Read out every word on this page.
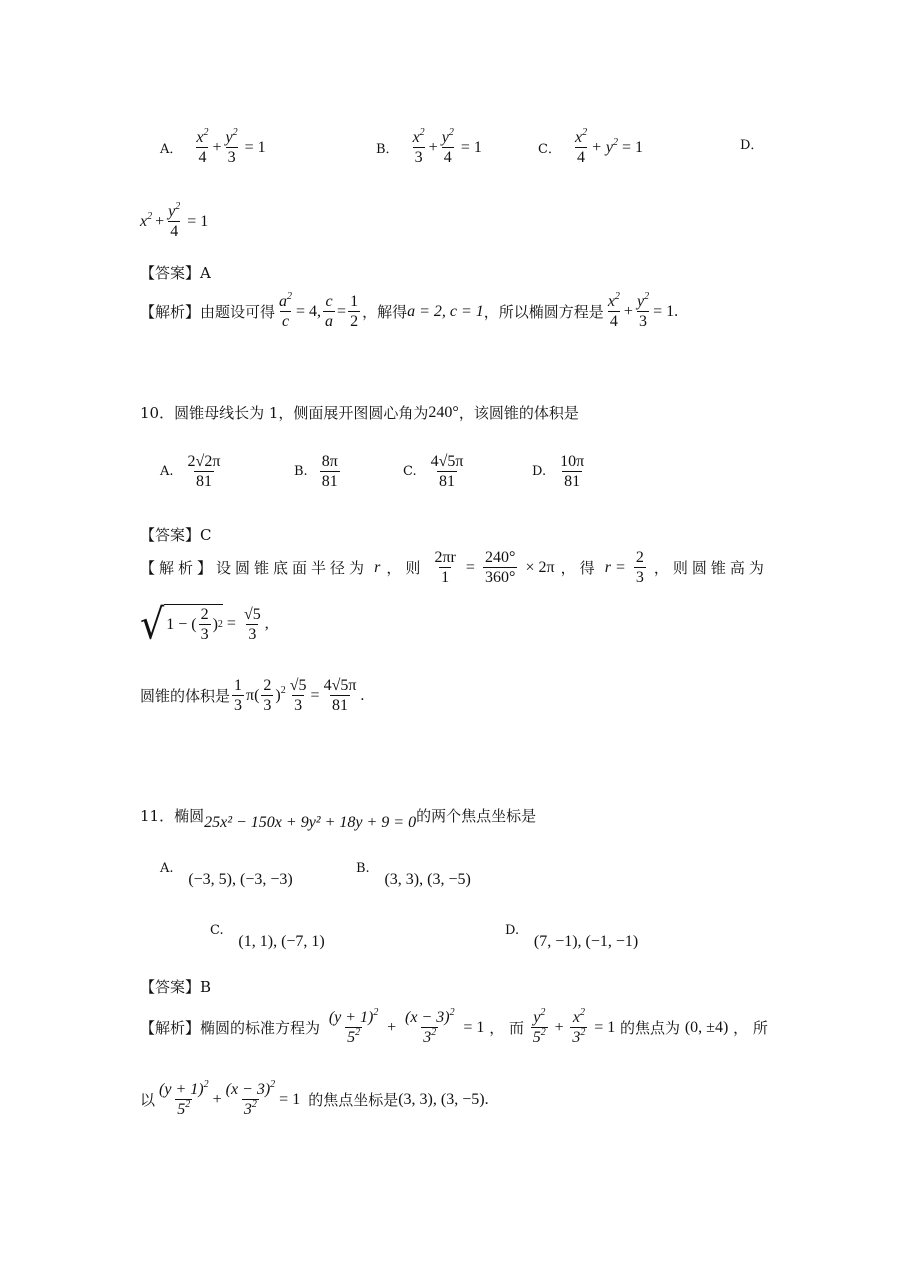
A． $\frac{x^2}{4} + \frac{y^2}{3} = 1$	B． $\frac{x^2}{3} + \frac{y^2}{4} = 1$	C． $\frac{x^2}{4} + y^2 = 1$	D．
$x^2 + \frac{y^2}{4} = 1$
【答案】A
【解析】由题设可得 $\frac{a^2}{c} = 4$, $\frac{c}{a} = \frac{1}{2}$ ，解得 a = 2, c = 1 ，所以椭圆方程是 $\frac{x^2}{4} + \frac{y^2}{3} = 1$.
10．圆锥母线长为 1，侧面展开图圆心角为 240° ，该圆锥的体积是
A. $\frac{2√2\pi}{81}$	B. $\frac{8\pi}{81}$	C. $\frac{4√5\pi}{81}$	D. $\frac{10\pi}{81}$
【答案】C
【解析】设圆锥底面半径为 r ，则 $\frac{2\pi r}{1} = \frac{240^\circ}{360^\circ} \times 2\pi$ ，得 $r = \frac{2}{3}$ ，则圆锥高为
√ 1 − ( $\frac{2}{3}$ ) $2 = \frac{√5}{3}$ ,
圆锥的体积是 $\frac{1}{3} \pi( \frac{2}{3} )^2 \frac{√5}{3} = \frac{4√5\pi}{81}$ .
11．椭圆 25x² − 150x + 9y² + 18y + 9 = 0 的两个焦点坐标是
A. (−3, 5), (−3, −3)
B. (3, 3), (3, −5)
C. (1, 1), (−7, 1)
D. (7, −1), (−1, −1)
【答案】B
【解析】椭圆的标准方程为 $\frac{(y + 1)^2}{5^2} + \frac{(x - 3)^2}{3^2} = 1$ ， 而 $\frac{y^2}{5^2} + \frac{x^2}{3^2} = 1$ 的焦点为 (0, ±4) ， 所
以 $\frac{(y + 1)^2}{5^2} + \frac{(x - 3)^2}{3^2} = 1$ 的焦点坐标是 (3, 3), (3, −5) .
